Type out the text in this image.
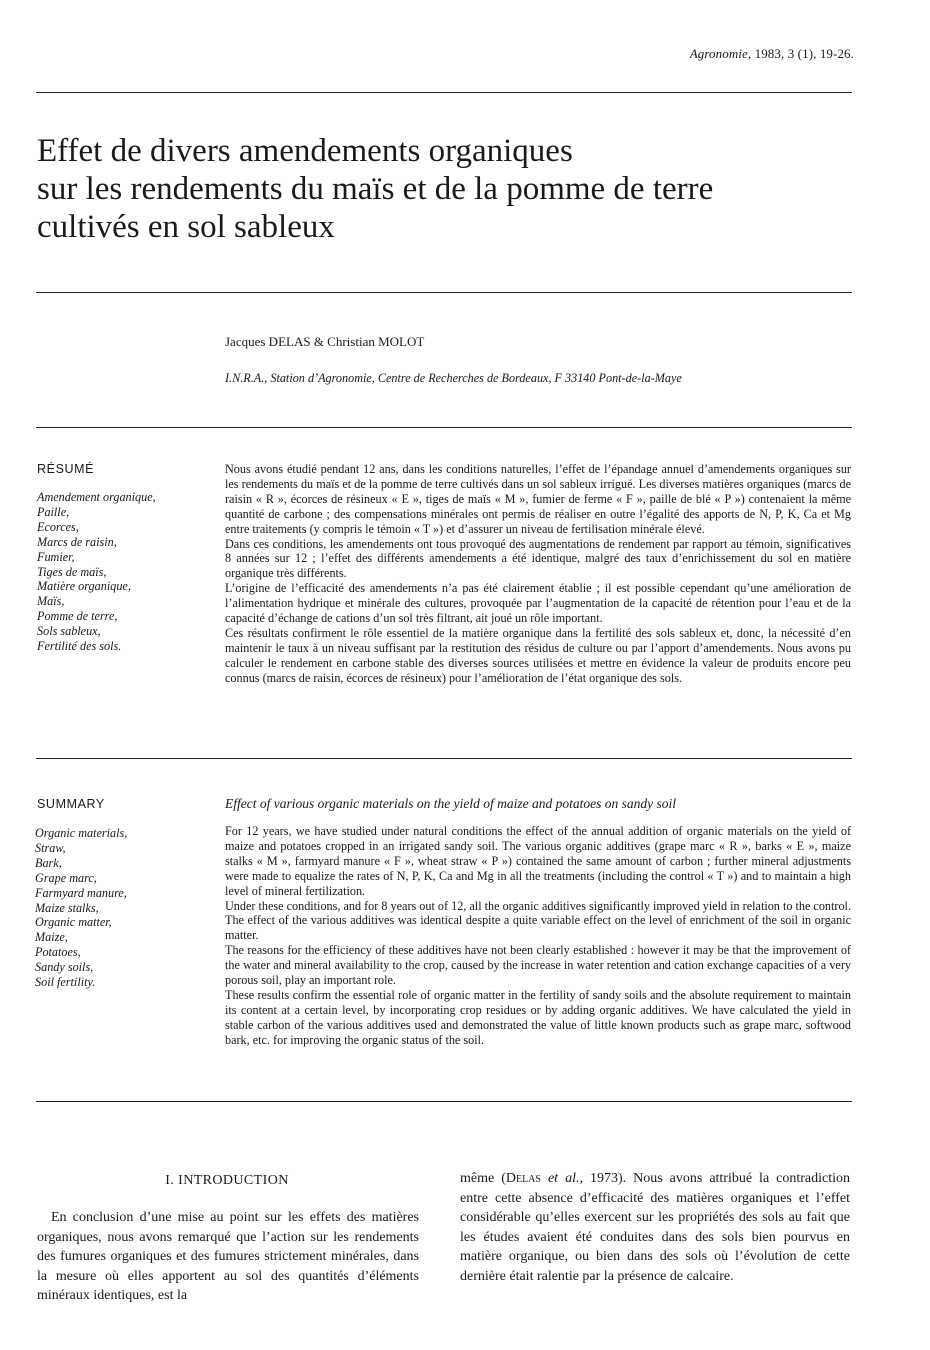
Agronomie, 1983, 3 (1), 19-26.
Effet de divers amendements organiques
sur les rendements du maïs et de la pomme de terre
cultivés en sol sableux
Jacques DELAS & Christian MOLOT
I.N.R.A., Station d’Agronomie, Centre de Recherches de Bordeaux, F 33140 Pont-de-la-Maye
RÉSUMÉ
Amendement organique,
Paille,
Ecorces,
Marcs de raisin,
Fumier,
Tiges de maïs,
Matière organique,
Maïs,
Pomme de terre,
Sols sableux,
Fertilité des sols.

Nous avons étudié pendant 12 ans, dans les conditions naturelles, l’effet de l’épandage annuel d’amendements organiques sur les rendements du maïs et de la pomme de terre cultivés dans un sol sableux irrigué. Les diverses matières organiques (marcs de raisin « R », écorces de résineux « E », tiges de maïs « M », fumier de ferme « F », paille de blé « P ») contenaient la même quantité de carbone ; des compensations minérales ont permis de réaliser en outre l’égalité des apports de N, P, K, Ca et Mg entre traitements (y compris le témoin « T ») et d’assurer un niveau de fertilisation minérale élevé.

Dans ces conditions, les amendements ont tous provoqué des augmentations de rendement par rapport au témoin, significatives 8 années sur 12 ; l’effet des différents amendements a été identique, malgré des taux d’enrichissement du sol en matière organique très différents.

L’origine de l’efficacité des amendements n’a pas été clairement établie ; il est possible cependant qu’une amélioration de l’alimentation hydrique et minérale des cultures, provoquée par l’augmentation de la capacité de rétention pour l’eau et de la capacité d’échange de cations d’un sol très filtrant, ait joué un rôle important.

Ces résultats confirment le rôle essentiel de la matière organique dans la fertilité des sols sableux et, donc, la nécessité d’en maintenir le taux à un niveau suffisant par la restitution des résidus de culture ou par l’apport d’amendements. Nous avons pu calculer le rendement en carbone stable des diverses sources utilisées et mettre en évidence la valeur de produits encore peu connus (marcs de raisin, écorces de résineux) pour l’amélioration de l’état organique des sols.

SUMMARY	Effect of various organic materials on the yield of maize and potatoes on sandy soil
Organic materials,
Straw,
Bark,
Grape marc,
Farmyard manure,
Maize stalks,
Organic matter,
Maize,
Potatoes,
Sandy soils,
Soil fertility.

For 12 years, we have studied under natural conditions the effect of the annual addition of organic materials on the yield of maize and potatoes cropped in an irrigated sandy soil. The various organic additives (grape marc « R », barks « E », maize stalks « M », farmyard manure « F », wheat straw « P ») contained the same amount of carbon ; further mineral adjustments were made to equalize the rates of N, P, K, Ca and Mg in all the treatments (including the control « T ») and to maintain a high level of mineral fertilization.

Under these conditions, and for 8 years out of 12, all the organic additives significantly improved yield in relation to the control. The effect of the various additives was identical despite a quite variable effect on the level of enrichment of the soil in organic matter.

The reasons for the efficiency of these additives have not been clearly established : however it may be that the improvement of the water and mineral availability to the crop, caused by the increase in water retention and cation exchange capacities of a very porous soil, play an important role.

These results confirm the essential role of organic matter in the fertility of sandy soils and the absolute requirement to maintain its content at a certain level, by incorporating crop residues or by adding organic additives. We have calculated the yield in stable carbon of the various additives used and demonstrated the value of little known products such as grape marc, softwood bark, etc. for improving the organic status of the soil.

I. INTRODUCTION

En conclusion d’une mise au point sur les effets des matières organiques, nous avons remarqué que l’action sur les rendements des fumures organiques et des fumures strictement minérales, dans la mesure où elles apportent au sol des quantités d’éléments minéraux identiques, est la

même (Delas et al., 1973). Nous avons attribué la contradiction entre cette absence d’efficacité des matières organiques et l’effet considérable qu’elles exercent sur les propriétés des sols au fait que les études avaient été conduites dans des sols bien pourvus en matière organique, ou bien dans des sols où l’évolution de cette dernière était ralentie par la présence de calcaire.
